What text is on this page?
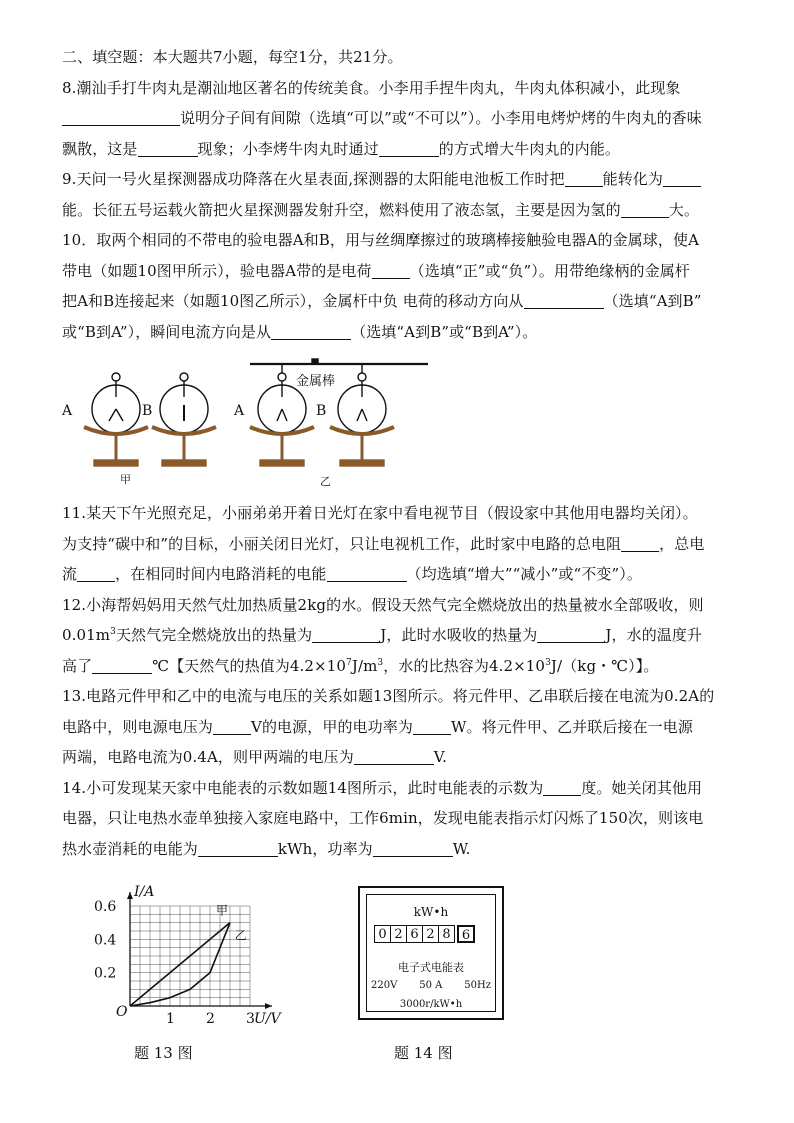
二、填空题：本大题共7小题，每空1分，共21分。
8.潮汕手打牛肉丸是潮汕地区著名的传统美食。小李用手捏牛肉丸，牛肉丸体积减小，此现象
说明分子间有间隙（选填“可以”或“不可以”）。小李用电烤炉烤的牛肉丸的香味
飘散，这是	现象；小李烤牛肉丸时通过	的方式增大牛肉丸的内能。
9.天问一号火星探测器成功降落在火星表面,探测器的太阳能电池板工作时把	能转化为
能。长征五号运载火箭把火星探测器发射升空，燃料使用了液态氢，主要是因为氢的	大。
10．取两个相同的不带电的验电器A和B，用与丝绸摩擦过的玻璃棒接触验电器A的金属球，使A
带电（如题10图甲所示），验电器A带的是电荷	（选填“正”或“负”）。用带绝缘柄的金属杆
把A和B连接起来（如题10图乙所示），金属杆中负 电荷的移动方向从	（选填“A到B”
或“B到A”），瞬间电流方向是从	（选填“A到B”或“B到A”）。
A	B	A	B
金属棒
甲	乙
11.某天下午光照充足，小丽弟弟开着日光灯在家中看电视节目（假设家中其他用电器均关闭）。
为支持“碳中和”的目标，小丽关闭日光灯，只让电视机工作，此时家中电路的总电阻	，总电
流	，在相同时间内电路消耗的电能	（均选填“增大”“减小”或“不变”）。
12.小海帮妈妈用天然气灶加热质量2kg的水。假设天然气完全燃烧放出的热量被水全部吸收，则
$0.01m^3$天然气完全燃烧放出的热量为	J，此时水吸收的热量为	J，水的温度升
高了	℃【天然气的热值为$4.2\times 10^7J/m^3$，水的比热容为$4.2\times 10^3J/(kg$・℃）】。
13.电路元件甲和乙中的电流与电压的关系如题13图所示。将元件甲、乙串联后接在电流为0.2A的
电路中，则电源电压为	V的电源，甲的电功率为	W。将元件甲、乙并联后接在一电源
两端，电路电流为0.4A，则甲两端的电压为	V.
14.小可发现某天家中电能表的示数如题14图所示，此时电能表的示数为	度。她关闭其他用
电器，只让电热水壶单独接入家庭电路中，工作6min，发现电能表指示灯闪烁了150次，则该电
热水壶消耗的电能为	kWh，功率为	W.
1 2 3
0.2
0.4
0.6
O
I/A
U/V
甲
乙
题 13 图
kW•h
0 2 6 2 8 6
电子式电能表
220V 50 A 50Hz
3000r/kW•h
题 14 图
